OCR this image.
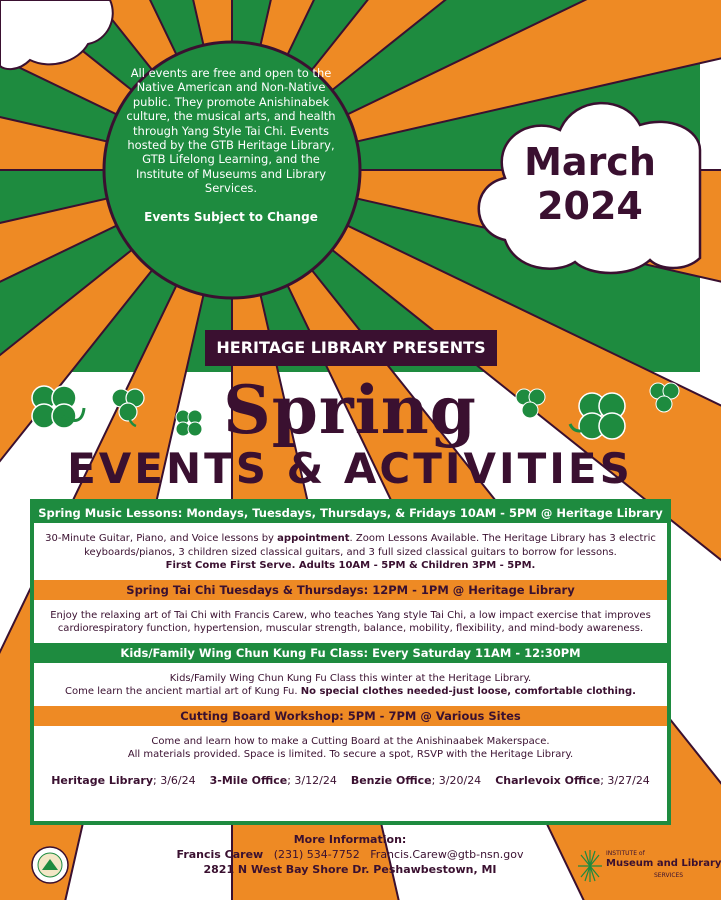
All events are free and open to the Native American and Non-Native public. They promote Anishinabek culture, the musical arts, and health through Yang Style Tai Chi. Events hosted by the GTB Heritage Library, GTB Lifelong Learning, and the Institute of Museums and Library Services.
Events Subject to Change
March
2024
HERITAGE LIBRARY PRESENTS
Spring
EVENTS & ACTIVITIES
Spring Music Lessons: Mondays, Tuesdays, Thursdays, & Fridays 10AM - 5PM @ Heritage Library
30-Minute Guitar, Piano, and Voice lessons by appointment. Zoom Lessons Available. The Heritage Library has 3 electric keyboards/pianos, 3 children sized classical guitars, and 3 full sized classical guitars to borrow for lessons.
First Come First Serve. Adults 10AM - 5PM & Children 3PM - 5PM.
Spring Tai Chi Tuesdays & Thursdays: 12PM - 1PM @ Heritage Library
Enjoy the relaxing art of Tai Chi with Francis Carew, who teaches Yang style Tai Chi, a low impact exercise that improves cardiorespiratory function, hypertension, muscular strength, balance, mobility, flexibility, and mind-body awareness.
Kids/Family Wing Chun Kung Fu Class: Every Saturday 11AM - 12:30PM
Kids/Family Wing Chun Kung Fu Class this winter at the Heritage Library.
Come learn the ancient martial art of Kung Fu. No special clothes needed-just loose, comfortable clothing.
Cutting Board Workshop: 5PM - 7PM @ Various Sites
Come and learn how to make a Cutting Board at the Anishinaabek Makerspace.
All materials provided. Space is limited. To secure a spot, RSVP with the Heritage Library.
Heritage Library; 3/6/24 3-Mile Office; 3/12/24 Benzie Office; 3/20/24 Charlevoix Office; 3/27/24
More Information:
Francis Carew (231) 534-7752 Francis.Carew@gtb-nsn.gov
2821 N West Bay Shore Dr. Peshawbestown, MI
INSTITUTE of
Museum and Library
SERVICES
